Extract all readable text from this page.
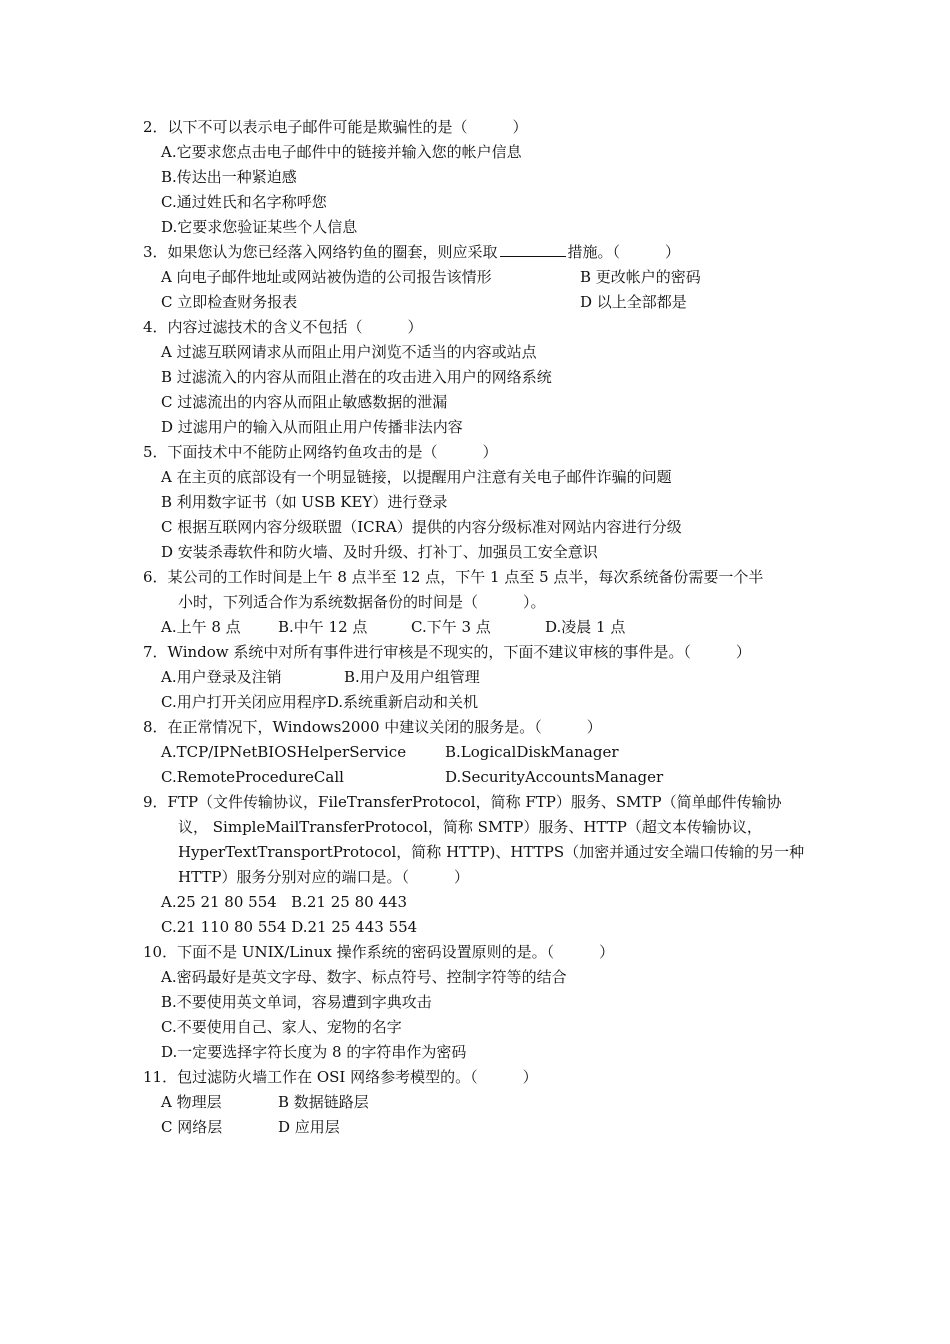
2．以下不可以表示电子邮件可能是欺骗性的是（　　　）
A.它要求您点击电子邮件中的链接并输入您的帐户信息
B.传达出一种紧迫感
C.通过姓氏和名字称呼您
D.它要求您验证某些个人信息
3．如果您认为您已经落入网络钓鱼的圈套，则应采取	措施。（　　　）
A 向电子邮件地址或网站被伪造的公司报告该情形	B 更改帐户的密码
C 立即检查财务报表	D 以上全部都是
4．内容过滤技术的含义不包括（　　　）
A 过滤互联网请求从而阻止用户浏览不适当的内容或站点
B 过滤流入的内容从而阻止潜在的攻击进入用户的网络系统
C 过滤流出的内容从而阻止敏感数据的泄漏
D 过滤用户的输入从而阻止用户传播非法内容
5．下面技术中不能防止网络钓鱼攻击的是（　　　）
A 在主页的底部设有一个明显链接，以提醒用户注意有关电子邮件诈骗的问题
B 利用数字证书（如 USB KEY）进行登录
C 根据互联网内容分级联盟（ICRA）提供的内容分级标准对网站内容进行分级
D 安装杀毒软件和防火墙、及时升级、打补丁、加强员工安全意识
6．某公司的工作时间是上午 8 点半至 12 点，下午 1 点至 5 点半，每次系统备份需要一个半
小时，下列适合作为系统数据备份的时间是（　　　）。
A.上午 8 点 B.中午 12 点	C.下午 3 点	D.凌晨 1 点
7．Window 系统中对所有事件进行审核是不现实的，下面不建议审核的事件是。（　　　）
A.用户登录及注销	B.用户及用户组管理
C.用户打开关闭应用程序D.系统重新启动和关机
8．在正常情况下，Windows2000 中建议关闭的服务是。（　　　）
A.TCP/IPNetBIOSHelperService	B.LogicalDiskManager
C.RemoteProcedureCall	D.SecurityAccountsManager
9．FTP（文件传输协议，FileTransferProtocol，简称 FTP）服务、SMTP（简单邮件传输协
议， SimpleMailTransferProtocol，简称 SMTP）服务、HTTP（超文本传输协议，
HyperTextTransportProtocol，简称 HTTP)、HTTPS（加密并通过安全端口传输的另一种
HTTP）服务分别对应的端口是。（　　　）
A.25 21 80 554   B.21 25 80 443
C.21 110 80 554 D.21 25 443 554
10．下面不是 UNIX/Linux 操作系统的密码设置原则的是。（　　　）
A.密码最好是英文字母、数字、标点符号、控制字符等的结合
B.不要使用英文单词，容易遭到字典攻击
C.不要使用自己、家人、宠物的名字
D.一定要选择字符长度为 8 的字符串作为密码
11．包过滤防火墙工作在 OSI 网络参考模型的。（　　　）
A 物理层	B 数据链路层
C 网络层	D 应用层
